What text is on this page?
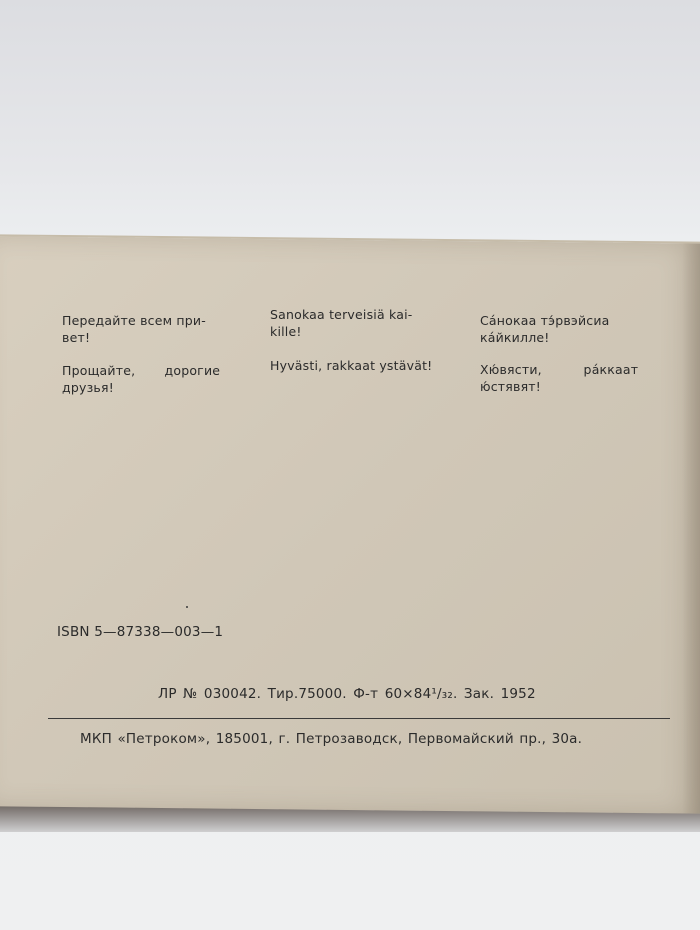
Передайте всем при-
вет!
Sanokaa terveisiä kai-
kille!
Сáнокаа тэ́рвэйсиа
кáйкилле!
Прощайте,       дорогие
друзья!
Hyvästi, rakkaat ystävät!	Хю́вясти,          рáккаат
ю́стявят!
ISBN 5—87338—003—1
ЛР № 030042. Тир.75000. Ф-т 60×84¹/₃₂. Зак. 1952
МКП «Петроком», 185001, г. Петрозаводск, Первомайский пр., 30а.
